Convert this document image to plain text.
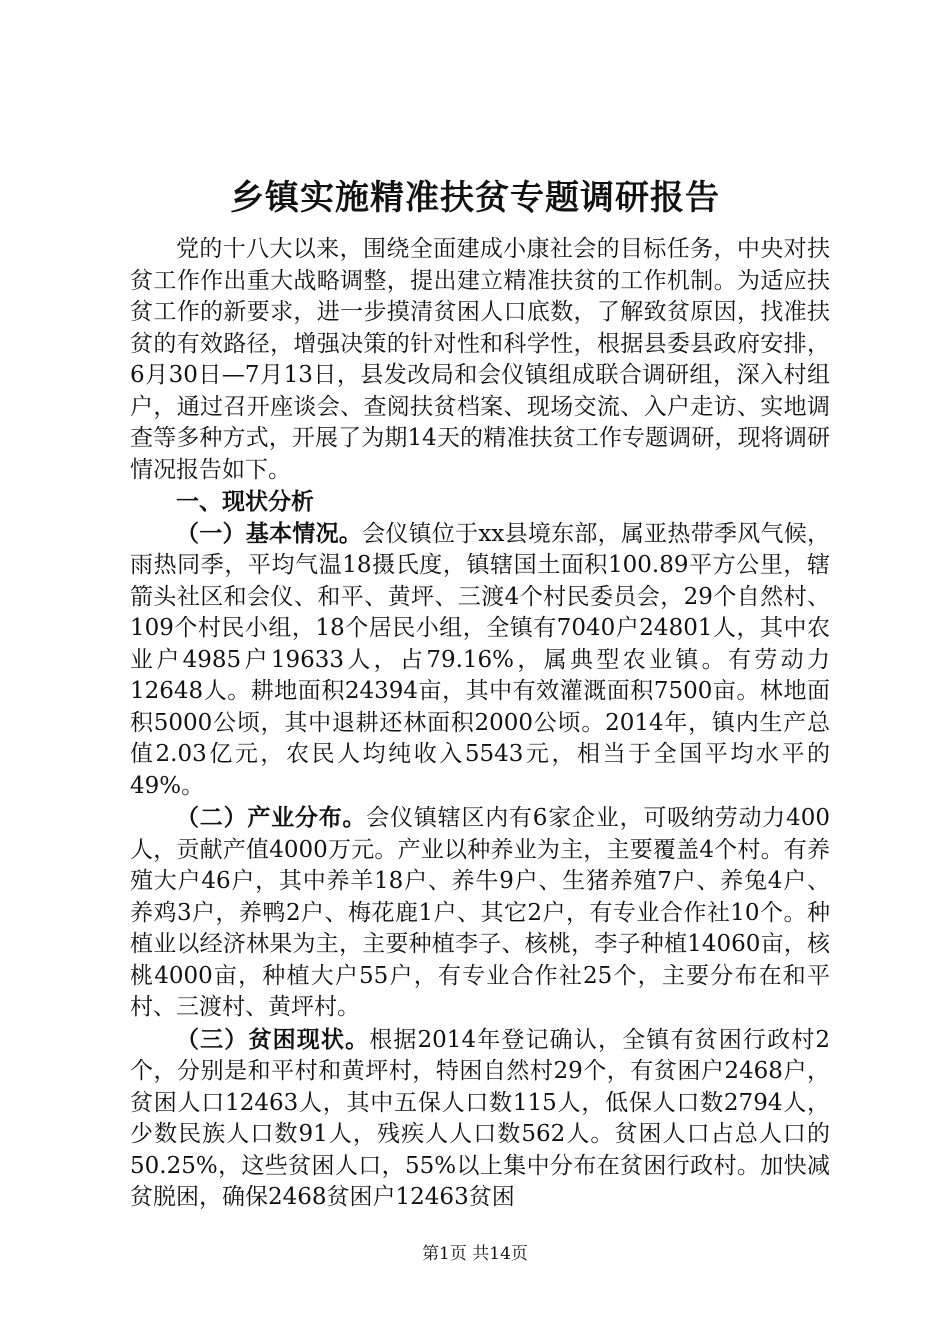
乡镇实施精准扶贫专题调研报告

党的十八大以来，围绕全面建成小康社会的目标任务，中央对扶贫工作作出重大战略调整，提出建立精准扶贫的工作机制。为适应扶贫工作的新要求，进一步摸清贫困人口底数，了解致贫原因，找准扶贫的有效路径，增强决策的针对性和科学性，根据县委县政府安排，6月30日—7月13日，县发改局和会仪镇组成联合调研组，深入村组户，通过召开座谈会、查阅扶贫档案、现场交流、入户走访、实地调查等多种方式，开展了为期14天的精准扶贫工作专题调研，现将调研情况报告如下。

一、现状分析

（一）基本情况。会仪镇位于xx县境东部，属亚热带季风气候，雨热同季，平均气温18摄氏度，镇辖国土面积100.89平方公里，辖箭头社区和会仪、和平、黄坪、三渡4个村民委员会，29个自然村、109个村民小组，18个居民小组，全镇有7040户24801人，其中农业户4985户19633人，占79.16%，属典型农业镇。有劳动力12648人。耕地面积24394亩，其中有效灌溉面积7500亩。林地面积5000公顷，其中退耕还林面积2000公顷。2014年，镇内生产总值2.03亿元，农民人均纯收入5543元，相当于全国平均水平的49%。

（二）产业分布。会仪镇辖区内有6家企业，可吸纳劳动力400人，贡献产值4000万元。产业以种养业为主，主要覆盖4个村。有养殖大户46户，其中养羊18户、养牛9户、生猪养殖7户、养兔4户、养鸡3户，养鸭2户、梅花鹿1户、其它2户，有专业合作社10个。种植业以经济林果为主，主要种植李子、核桃，李子种植14060亩，核桃4000亩，种植大户55户，有专业合作社25个，主要分布在和平村、三渡村、黄坪村。

（三）贫困现状。根据2014年登记确认，全镇有贫困行政村2个，分别是和平村和黄坪村，特困自然村29个，有贫困户2468户，贫困人口12463人，其中五保人口数115人，低保人口数2794人，少数民族人口数91人，残疾人人口数562人。贫困人口占总人口的50.25%，这些贫困人口，55%以上集中分布在贫困行政村。加快减贫脱困，确保2468贫困户12463贫困

第1页 共14页
